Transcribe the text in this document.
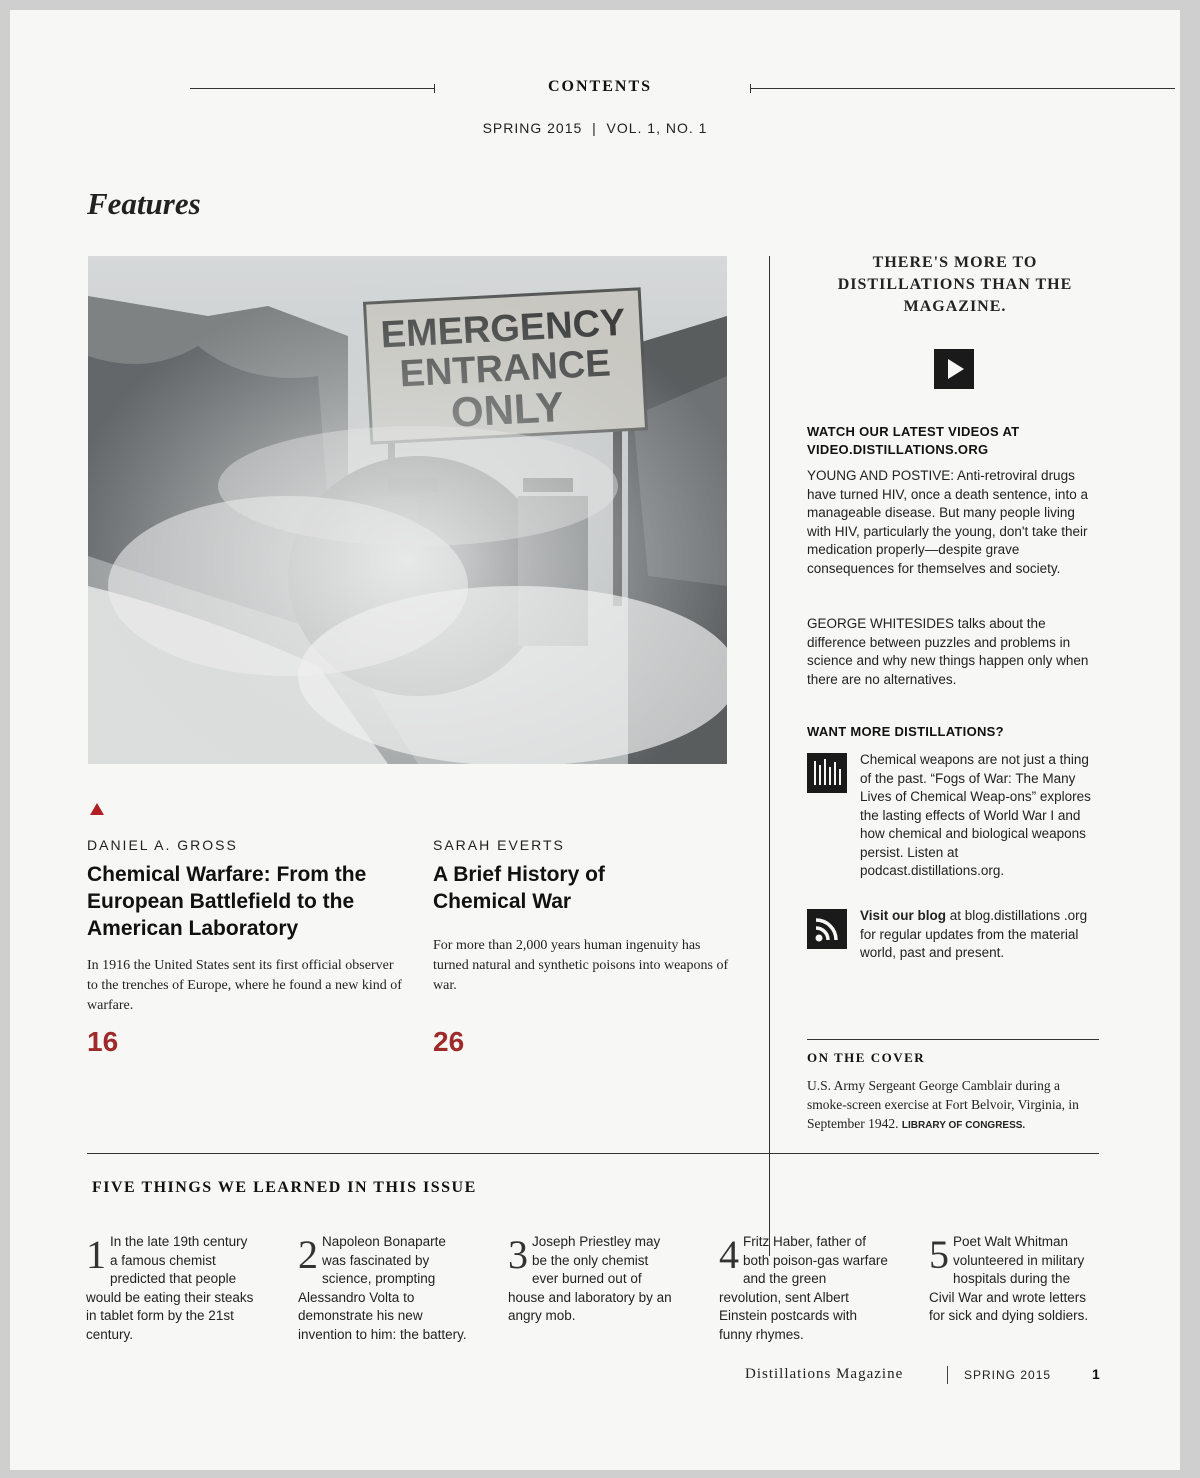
CONTENTS
SPRING 2015  |  VOL. 1, NO. 1
Features
DANIEL A. GROSS
Chemical Warfare: From the European Battlefield to the American Laboratory
In 1916 the United States sent its first official observer to the trenches of Europe, where he found a new kind of warfare.
16
SARAH EVERTS
A Brief History of Chemical War
For more than 2,000 years human ingenuity has turned natural and synthetic poisons into weapons of war.
26
THERE'S MORE TO DISTILLATIONS THAN THE MAGAZINE.
WATCH OUR LATEST VIDEOS AT VIDEO.DISTILLATIONS.ORG
YOUNG AND POSTIVE: Anti-retroviral drugs have turned HIV, once a death sentence, into a manageable disease. But many people living with HIV, particularly the young, don't take their medication properly—despite grave consequences for themselves and society.
GEORGE WHITESIDES talks about the difference between puzzles and problems in science and why new things happen only when there are no alternatives.
WANT MORE DISTILLATIONS?
Chemical weapons are not just a thing of the past. “Fogs of War: The Many Lives of Chemical Weap-ons” explores the lasting effects of World War I and how chemical and biological weapons persist. Listen at podcast.distillations.org.
Visit our blog at blog.distillations .org for regular updates from the material world, past and present.
ON THE COVER
U.S. Army Sergeant George Camblair during a smoke-screen exercise at Fort Belvoir, Virginia, in September 1942. LIBRARY OF CONGRESS.
FIVE THINGS WE LEARNED IN THIS ISSUE
1 In the late 19th century a famous chemist predicted that people would be eating their steaks in tablet form by the 21st century.
2 Napoleon Bonaparte was fascinated by science, prompting Alessandro Volta to demonstrate his new invention to him: the battery.
3 Joseph Priestley may be the only chemist ever burned out of house and laboratory by an angry mob.
4 Fritz Haber, father of both poison-gas warfare and the green revolution, sent Albert Einstein postcards with funny rhymes.
5 Poet Walt Whitman volunteered in military hospitals during the Civil War and wrote letters for sick and dying soldiers.
Distillations Magazine	SPRING 2015	1
